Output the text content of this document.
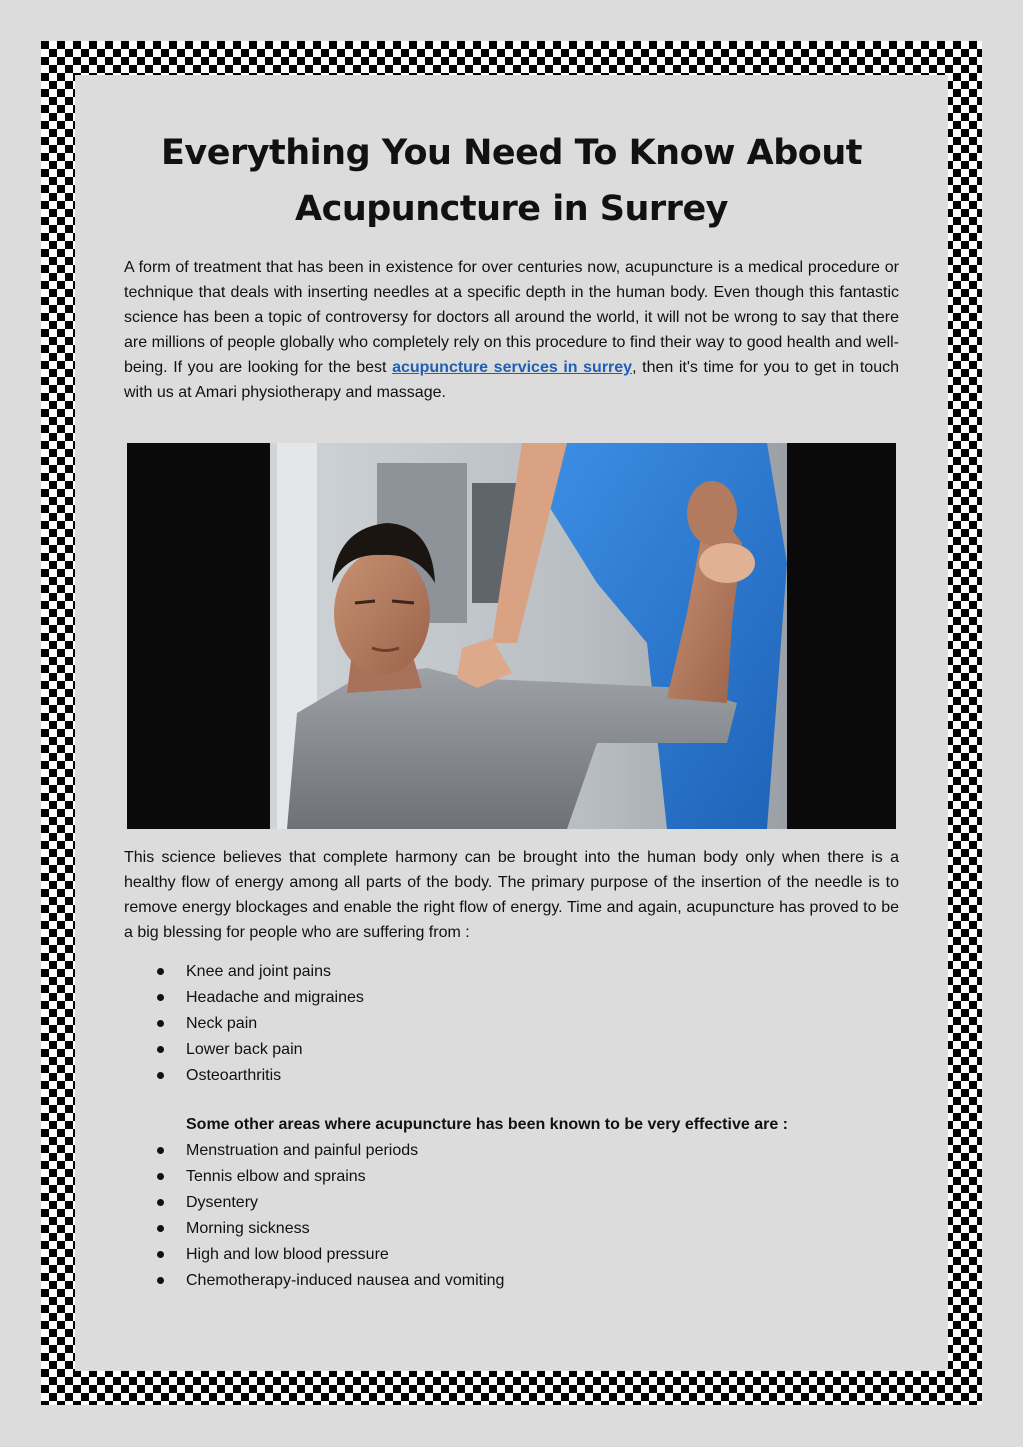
Everything You Need To Know About
Acupuncture in Surrey

A form of treatment that has been in existence for over centuries now, acupuncture is a medical procedure or technique that deals with inserting needles at a specific depth in the human body. Even though this fantastic science has been a topic of controversy for doctors all around the world, it will not be wrong to say that there are millions of people globally who completely rely on this procedure to find their way to good health and well-being. If you are looking for the best acupuncture services in surrey, then it's time for you to get in touch with us at Amari physiotherapy and massage.

This science believes that complete harmony can be brought into the human body only when there is a healthy flow of energy among all parts of the body. The primary purpose of the insertion of the needle is to remove energy blockages and enable the right flow of energy. Time and again, acupuncture has proved to be a big blessing for people who are suffering from :

Knee and joint pains
Headache and migraines
Neck pain
Lower back pain
Osteoarthritis

Some other areas where acupuncture has been known to be very effective are :

Menstruation and painful periods
Tennis elbow and sprains
Dysentery
Morning sickness
High and low blood pressure
Chemotherapy-induced nausea and vomiting
